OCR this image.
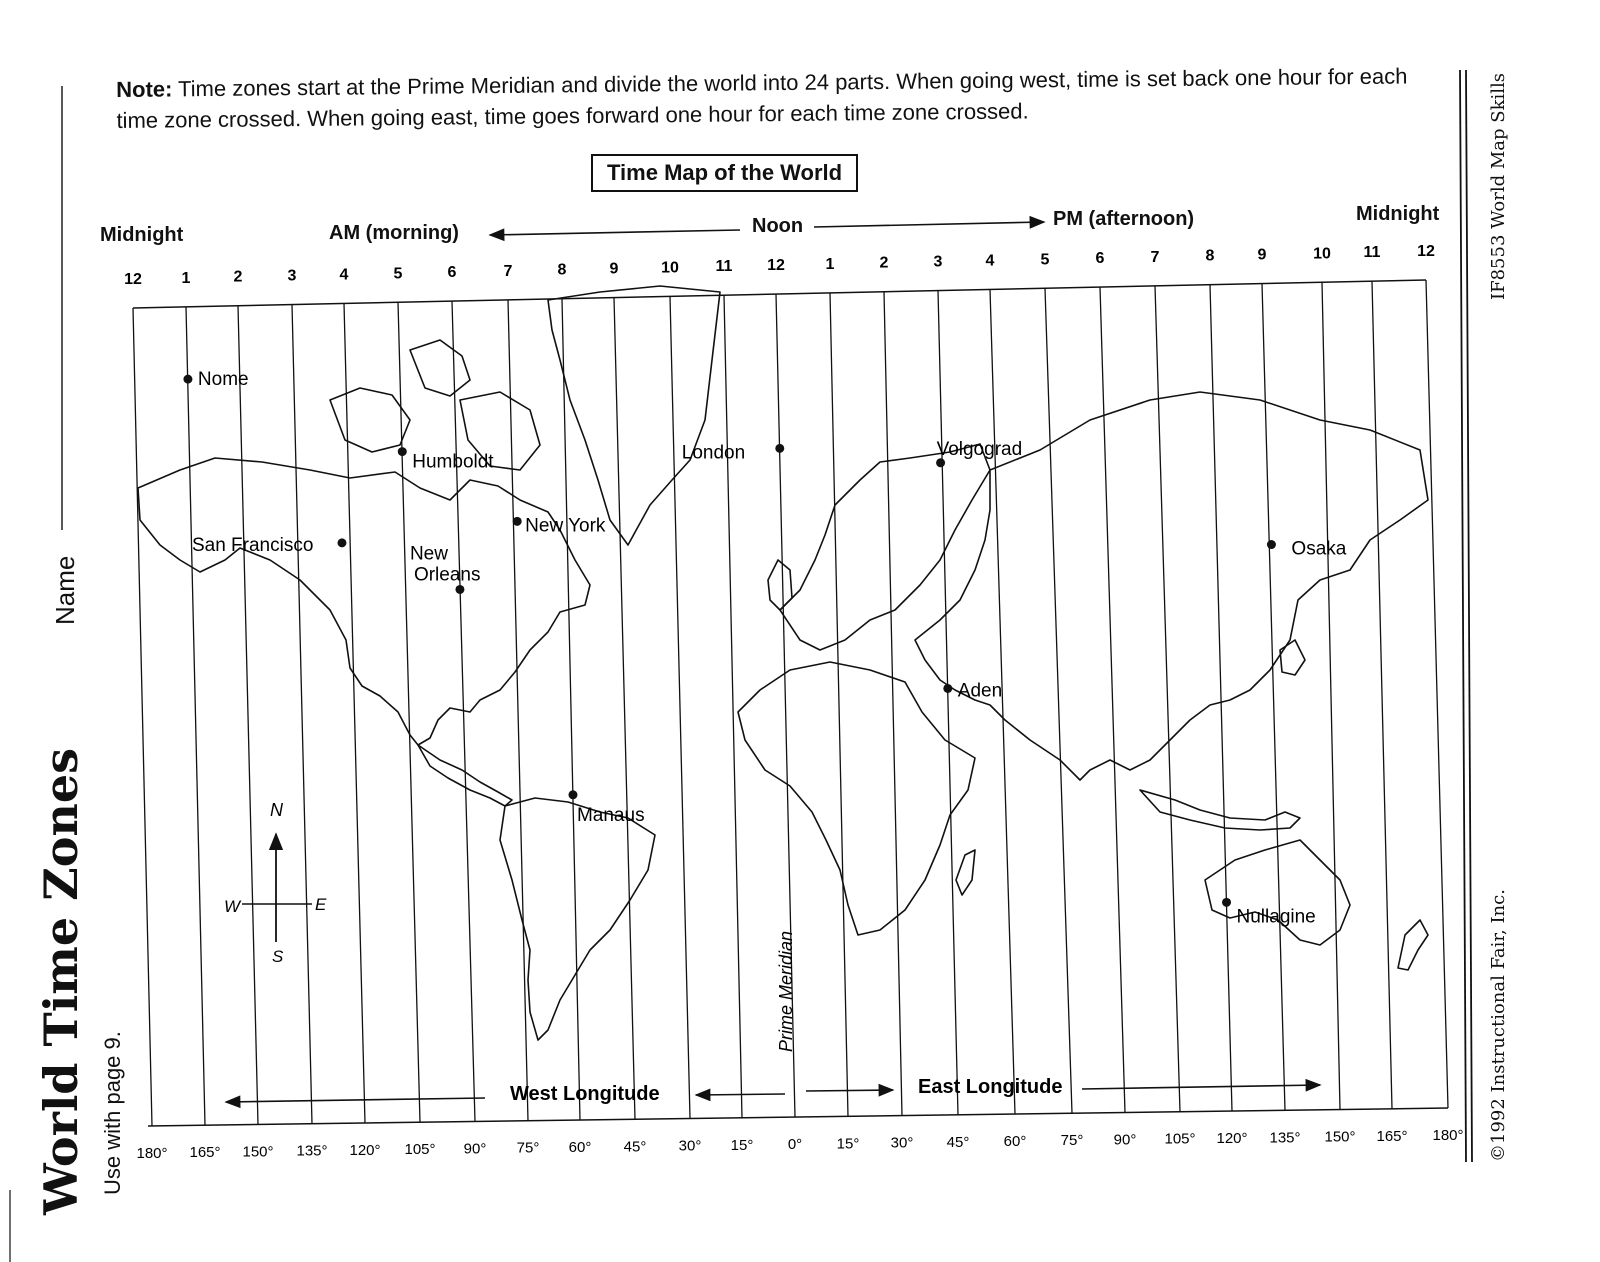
Note: Time zones start at the Prime Meridian and divide the world into 24 parts. When going west, time is set back one hour for each time zone crossed. When going east, time goes forward one hour for each time zone crossed.
Time Map of the World
Midnight	AM (morning)	Noon	PM (afternoon)	Midnight
12 1	2	3	4	5	6	7	8	9	10 11 12	1	2	3	4	5	6	7	8	9	10 11 12
180° 165° 150° 135° 120° 105° 90° 75° 60° 45° 30° 15° 0° 15° 30° 45° 60° 75° 90° 105° 120° 135° 150° 165° 180°
Nome
Humboldt
San Francisco	New
Orleans
New York
Manaus
London	Volgograd
Aden
Osaka
Nullagine
N
S
W	E
Prime Meridian
West Longitude	East Longitude
World Time Zones Use with page 9.
Name
IF8553 World Map Skills
©1992 Instructional Fair, Inc.
